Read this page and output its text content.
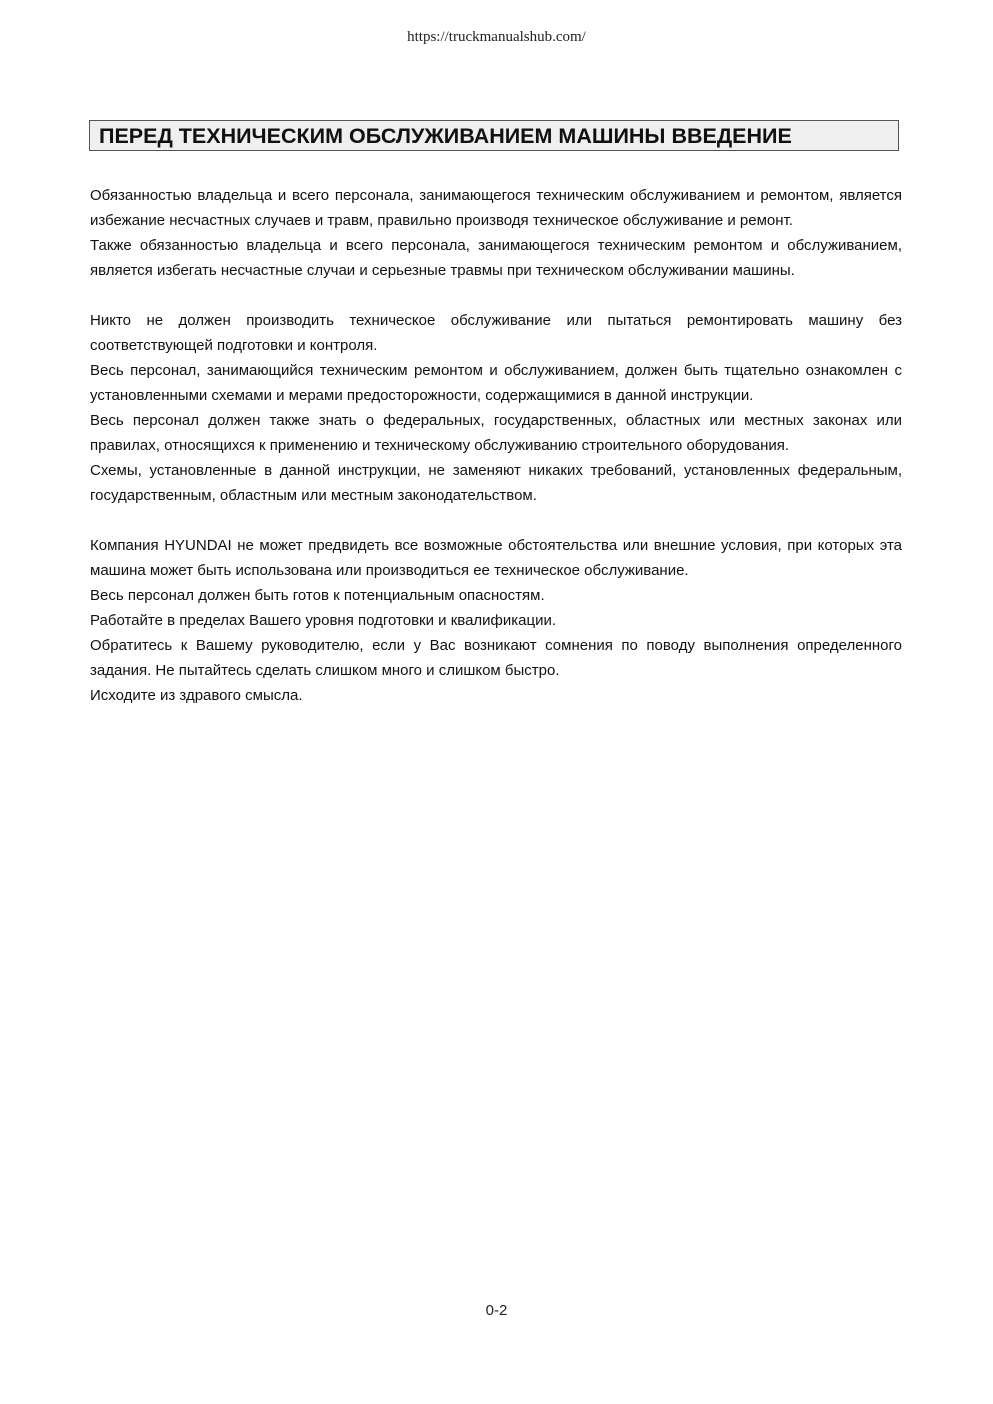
https://truckmanualshub.com/
ПЕРЕД ТЕХНИЧЕСКИМ ОБСЛУЖИВАНИЕМ МАШИНЫ ВВЕДЕНИЕ

Обязанностью владельца и всего персонала, занимающегося техническим обслуживанием и ремонтом, является избежание несчастных случаев и травм, правильно производя техническое обслуживание и ремонт.

Также обязанностью владельца и всего персонала, занимающегося техническим ремонтом и обслуживанием, является избегать несчастные случаи и серьезные травмы при техническом обслуживании машины.

Никто не должен производить техническое обслуживание или пытаться ремонтировать машину без соответствующей подготовки и контроля.

Весь персонал, занимающийся техническим ремонтом и обслуживанием, должен быть тщательно ознакомлен с установленными схемами и мерами предосторожности, содержащимися в данной инструкции.

Весь персонал должен также знать о федеральных, государственных, областных или местных законах или правилах, относящихся к применению и техническому обслуживанию строительного оборудования.

Схемы, установленные в данной инструкции, не заменяют никаких требований, установленных федеральным, государственным, областным или местным законодательством.

Компания HYUNDAI не может предвидеть все возможные обстоятельства или внешние условия, при которых эта машина может быть использована или производиться ее техническое обслуживание.

Весь персонал должен быть готов к потенциальным опасностям.

Работайте в пределах Вашего уровня подготовки и квалификации.

Обратитесь к Вашему руководителю, если у Вас возникают сомнения по поводу выполнения определенного задания. Не пытайтесь сделать слишком много и слишком быстро.

Исходите из здравого смысла.

0-2
